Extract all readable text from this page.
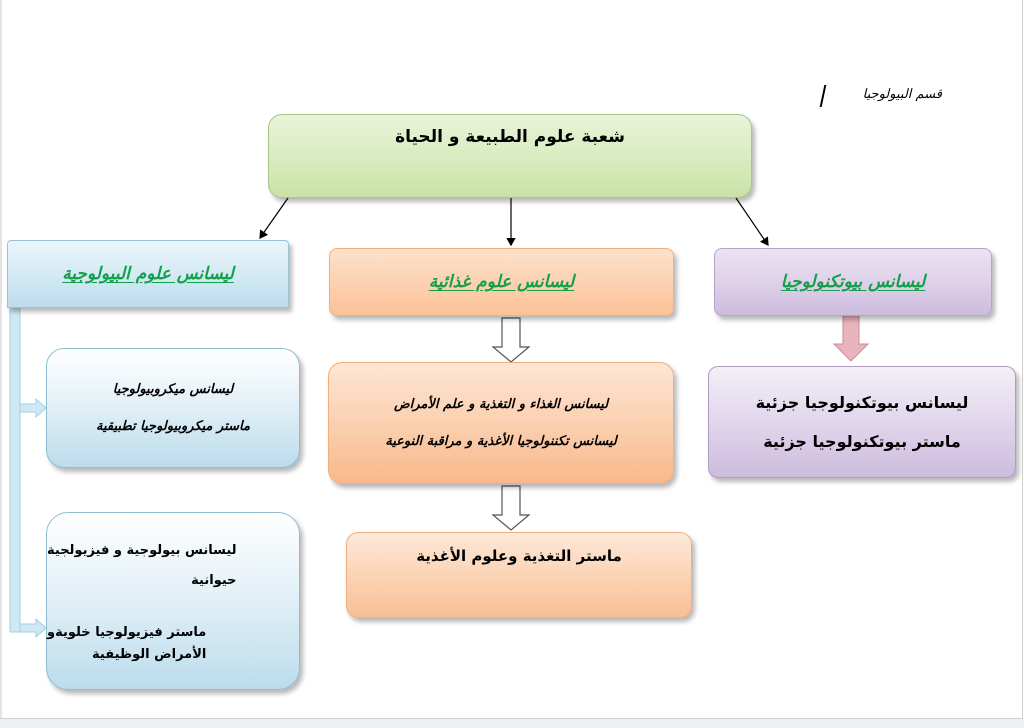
قسم البيولوجيا
شعبة علوم الطبيعة و الحياة
ليسانس علوم البيولوجية	ليسانس علوم غذائية	ليسانس بيوتكنولوجيا
ليسانس ميكروبيولوجيا
ماستر ميكروبيولوجيا تطبيقية
ليسانس بيولوجية و فيزيولجية
حيوانية
ماستر فيزيولوجيا خلويةو
الأمراض الوظيفية
ليسانس الغذاء و التغذية و علم الأمراض
ليسانس تكننولوجيا الأغذية و مراقبة النوعية
ماستر التغذية وعلوم الأغذية
ليسانس بيوتكنولوجيا جزئية
ماستر بيوتكنولوجيا جزئية
